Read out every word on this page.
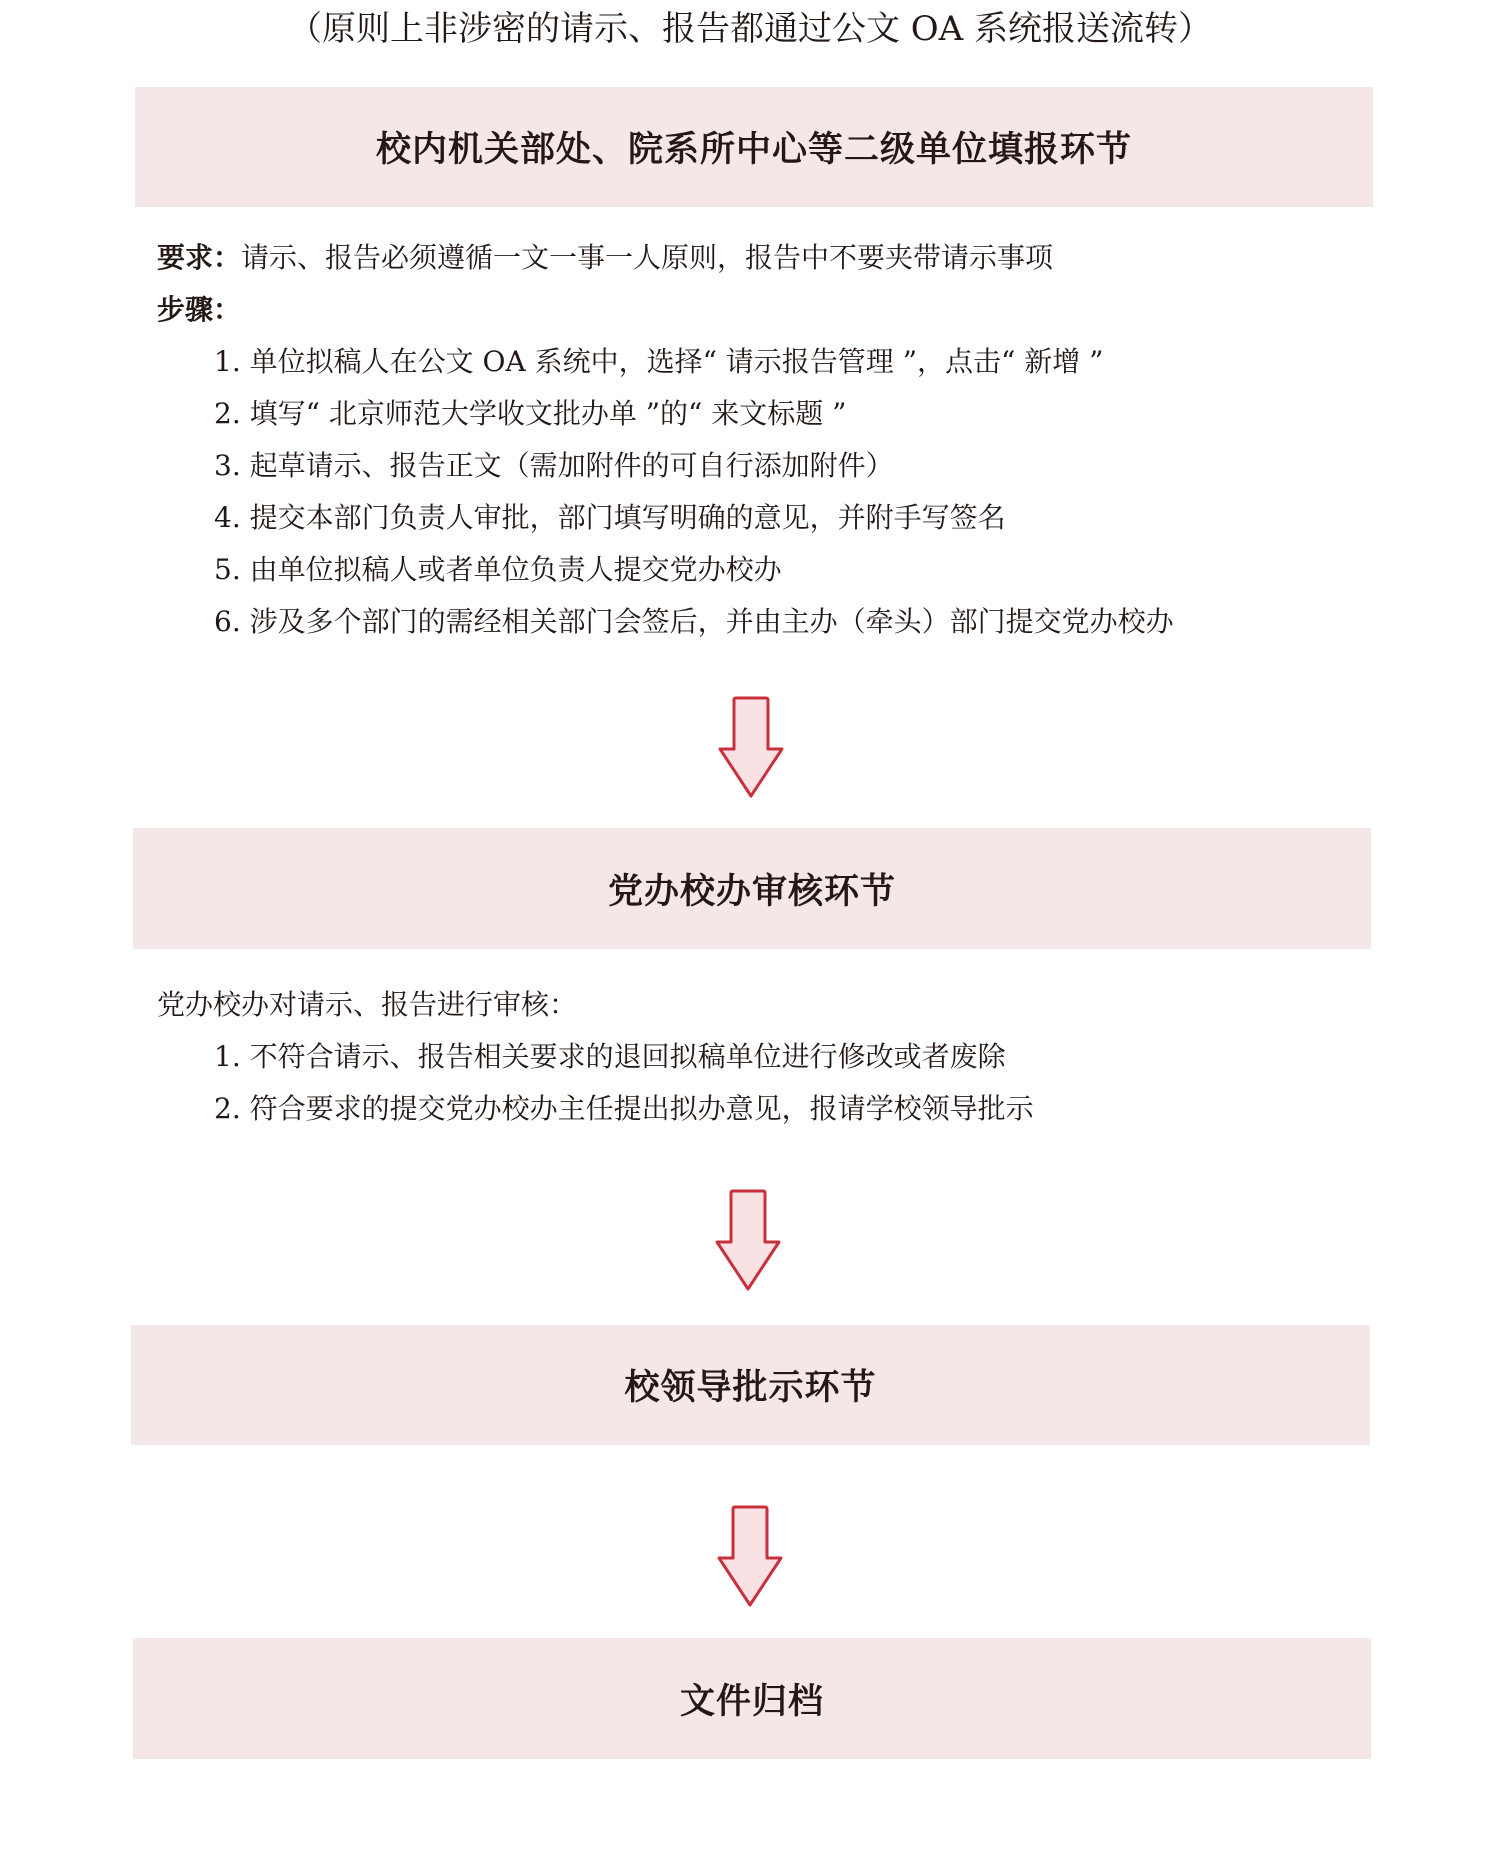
（原则上非涉密的请示、报告都通过公文 OA 系统报送流转）
校内机关部处、院系所中心等二级单位填报环节
要求：请示、报告必须遵循一文一事一人原则，报告中不要夹带请示事项
步骤：
1. 单位拟稿人在公文 OA 系统中，选择“ 请示报告管理 ”，点击“ 新增 ”
2. 填写“ 北京师范大学收文批办单 ”的“ 来文标题 ”
3. 起草请示、报告正文（需加附件的可自行添加附件）
4. 提交本部门负责人审批，部门填写明确的意见，并附手写签名
5. 由单位拟稿人或者单位负责人提交党办校办
6. 涉及多个部门的需经相关部门会签后，并由主办（牵头）部门提交党办校办
党办校办审核环节
党办校办对请示、报告进行审核：
1. 不符合请示、报告相关要求的退回拟稿单位进行修改或者废除
2. 符合要求的提交党办校办主任提出拟办意见，报请学校领导批示
校领导批示环节
文件归档
